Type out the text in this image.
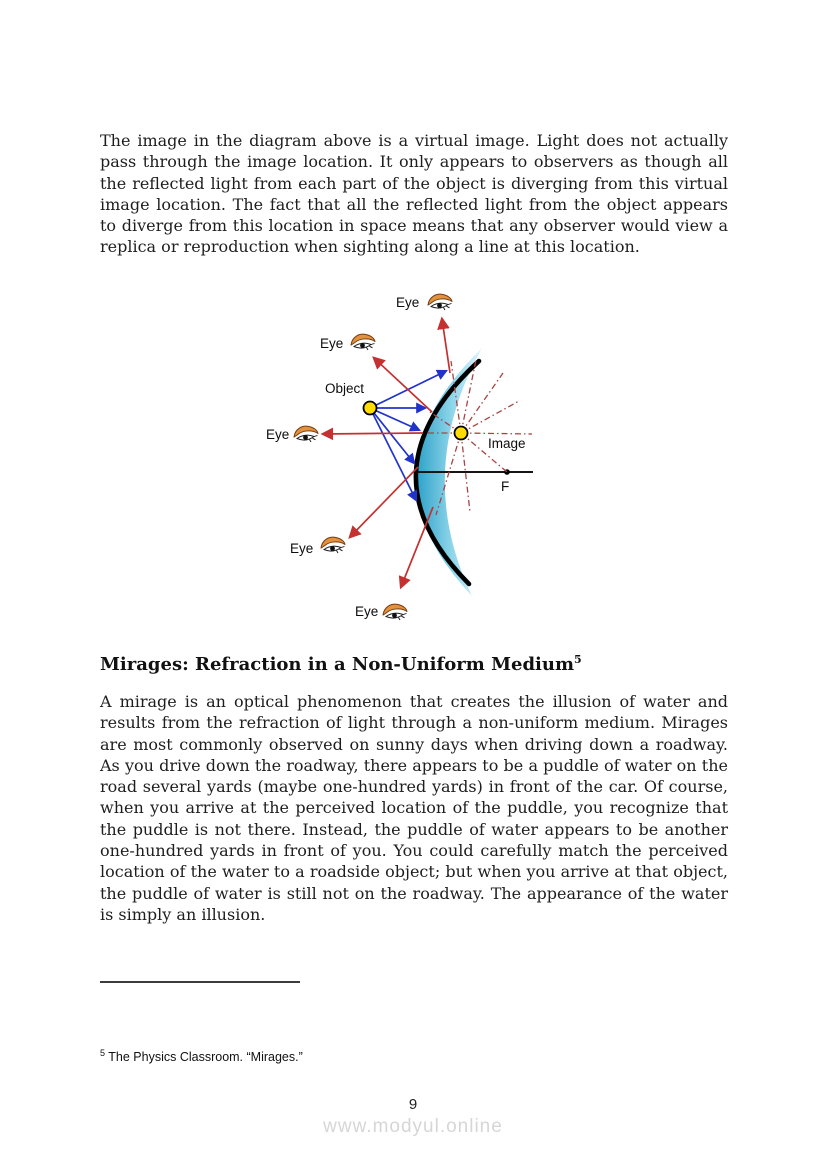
The image in the diagram above is a virtual image. Light does not actually pass through the image location. It only appears to observers as though all the reflected light from each part of the object is diverging from this virtual image location. The fact that all the reflected light from the object appears to diverge from this location in space means that any observer would view a replica or reproduction when sighting along a line at this location.

Eye
Eye
Object
Eye
Image
F
Eye
Eye
Mirages: Refraction in a Non-Uniform Medium$^5$

A mirage is an optical phenomenon that creates the illusion of water and results from the refraction of light through a non-uniform medium. Mirages are most commonly observed on sunny days when driving down a roadway. As you drive down the roadway, there appears to be a puddle of water on the road several yards (maybe one-hundred yards) in front of the car. Of course, when you arrive at the perceived location of the puddle, you recognize that the puddle is not there. Instead, the puddle of water appears to be another one-hundred yards in front of you. You could carefully match the perceived location of the water to a roadside object; but when you arrive at that object, the puddle of water is still not on the roadway. The appearance of the water is simply an illusion.

$^5$ The Physics Classroom. “Mirages.”

9
www.modyul.online
